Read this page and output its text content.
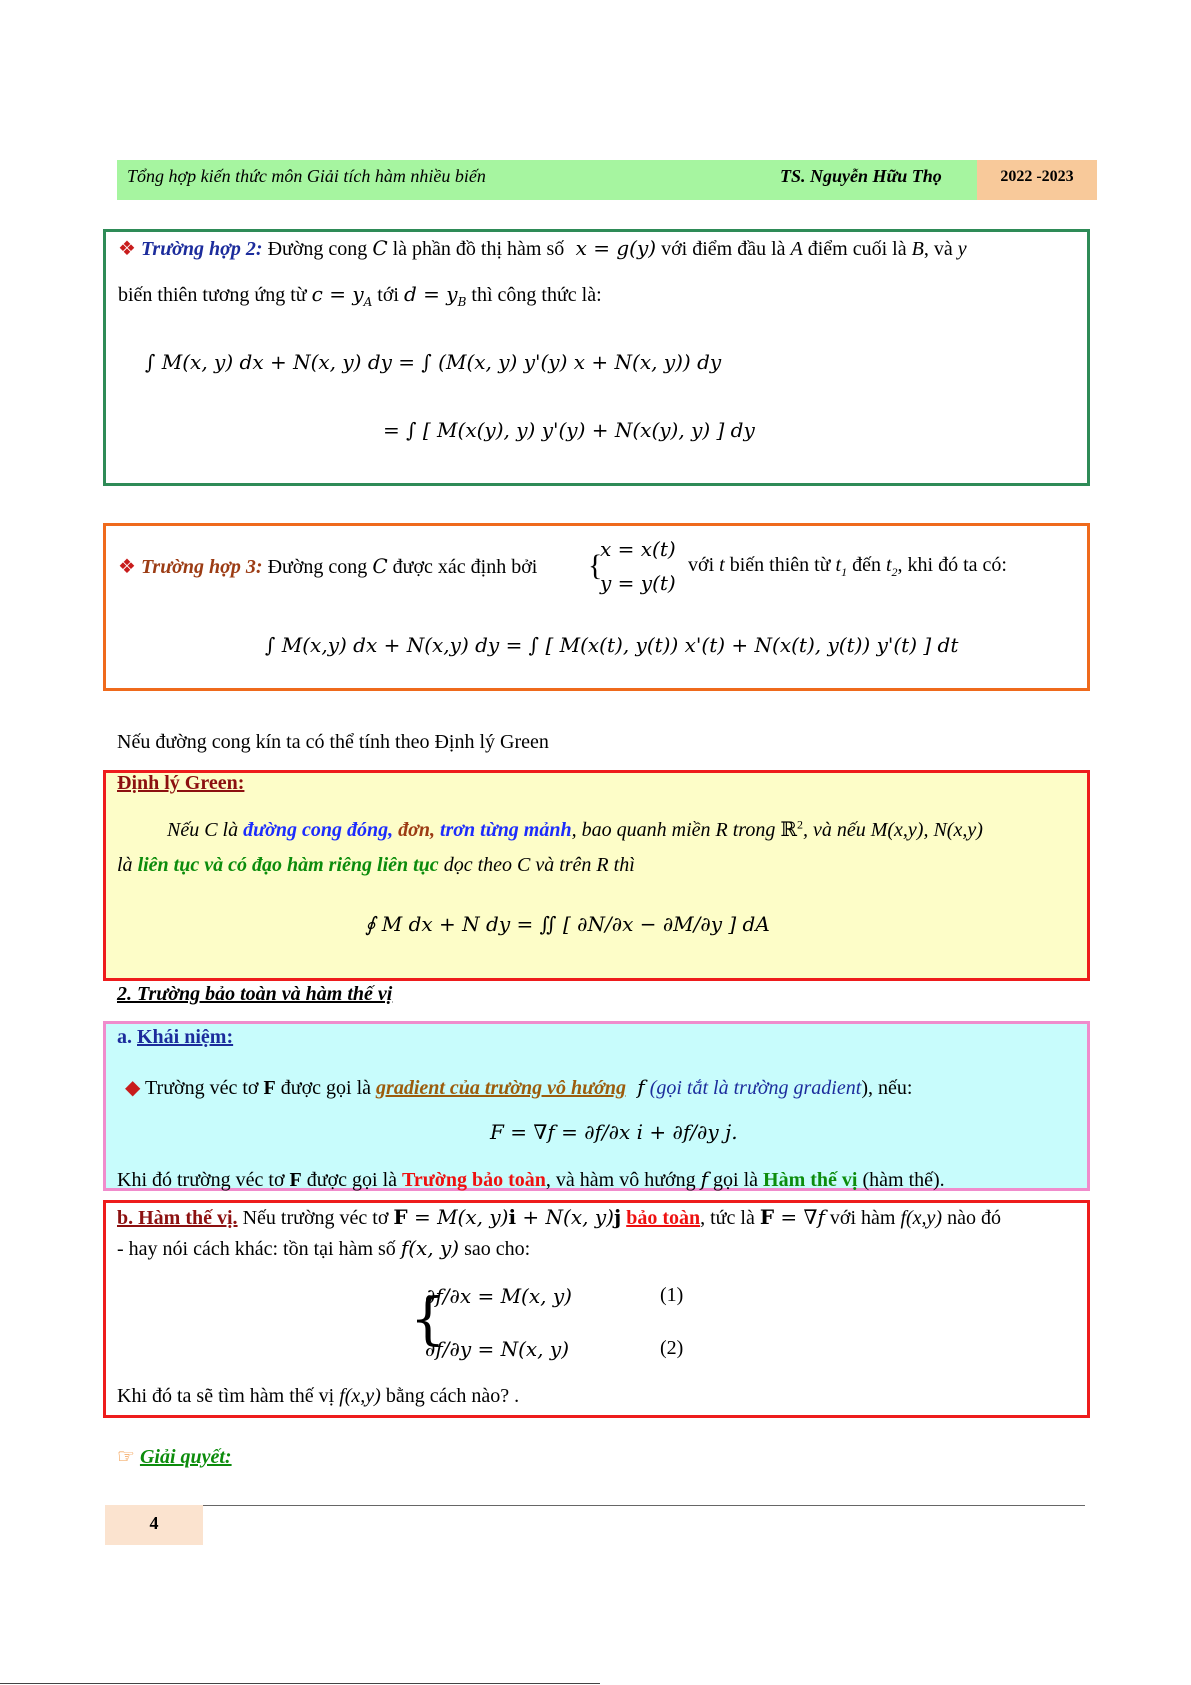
Tổng hợp kiến thức môn Giải tích hàm nhiều biến	TS. Nguyễn Hữu Thọ	2022 -2023
❖ Trường hợp 2: Đường cong C là phần đồ thị hàm số  x = g(y) với điểm đầu là A điểm cuối là B, và y
biến thiên tương ứng từ $c = y_A$ tới $d = y_B$ thì công thức là:
∫ M(x, y) dx + N(x, y) dy = ∫ (M(x, y) y'(y) x + N(x, y)) dy
= ∫ [ M(x(y), y) y'(y) + N(x(y), y) ] dy
❖ Trường hợp 3: Đường cong C được xác định bởi {
x = x(t)
y = y(t)
với t biến thiên từ $t_1$ đến $t_2$, khi đó ta có:
∫ M(x,y) dx + N(x,y) dy = ∫ [ M(x(t), y(t)) x'(t) + N(x(t), y(t)) y'(t) ] dt
Nếu đường cong kín ta có thể tính theo Định lý Green
Định lý Green:
Nếu C là đường cong đóng, đơn, trơn từng mảnh, bao quanh miền R trong ℝ$^2$, và nếu M(x,y), N(x,y)
là liên tục và có đạo hàm riêng liên tục dọc theo C và trên R thì
∮ M dx + N dy = ∬ [ ∂N/∂x − ∂M/∂y ] dA
2. Trường bảo toàn và hàm thế vị
a. Khái niệm:
◆ Trường véc tơ F được gọi là gradient của trường vô hướng  f (gọi tắt là trường gradient), nếu:
F = ∇f = ∂f/∂x i + ∂f/∂y j.
Khi đó trường véc tơ F được gọi là Trường bảo toàn, và hàm vô hướng f gọi là Hàm thế vị (hàm thế).
b. Hàm thế vị. Nếu trường véc tơ F = M(x, y)i + N(x, y)j bảo toàn, tức là F = ∇f với hàm f(x,y) nào đó
- hay nói cách khác: tồn tại hàm số f(x, y) sao cho:
{
∂f/∂x = M(x, y)	(1)
∂f/∂y = N(x, y)	(2)
Khi đó ta sẽ tìm hàm thế vị f(x,y) bằng cách nào? .
☞ Giải quyết:
4
